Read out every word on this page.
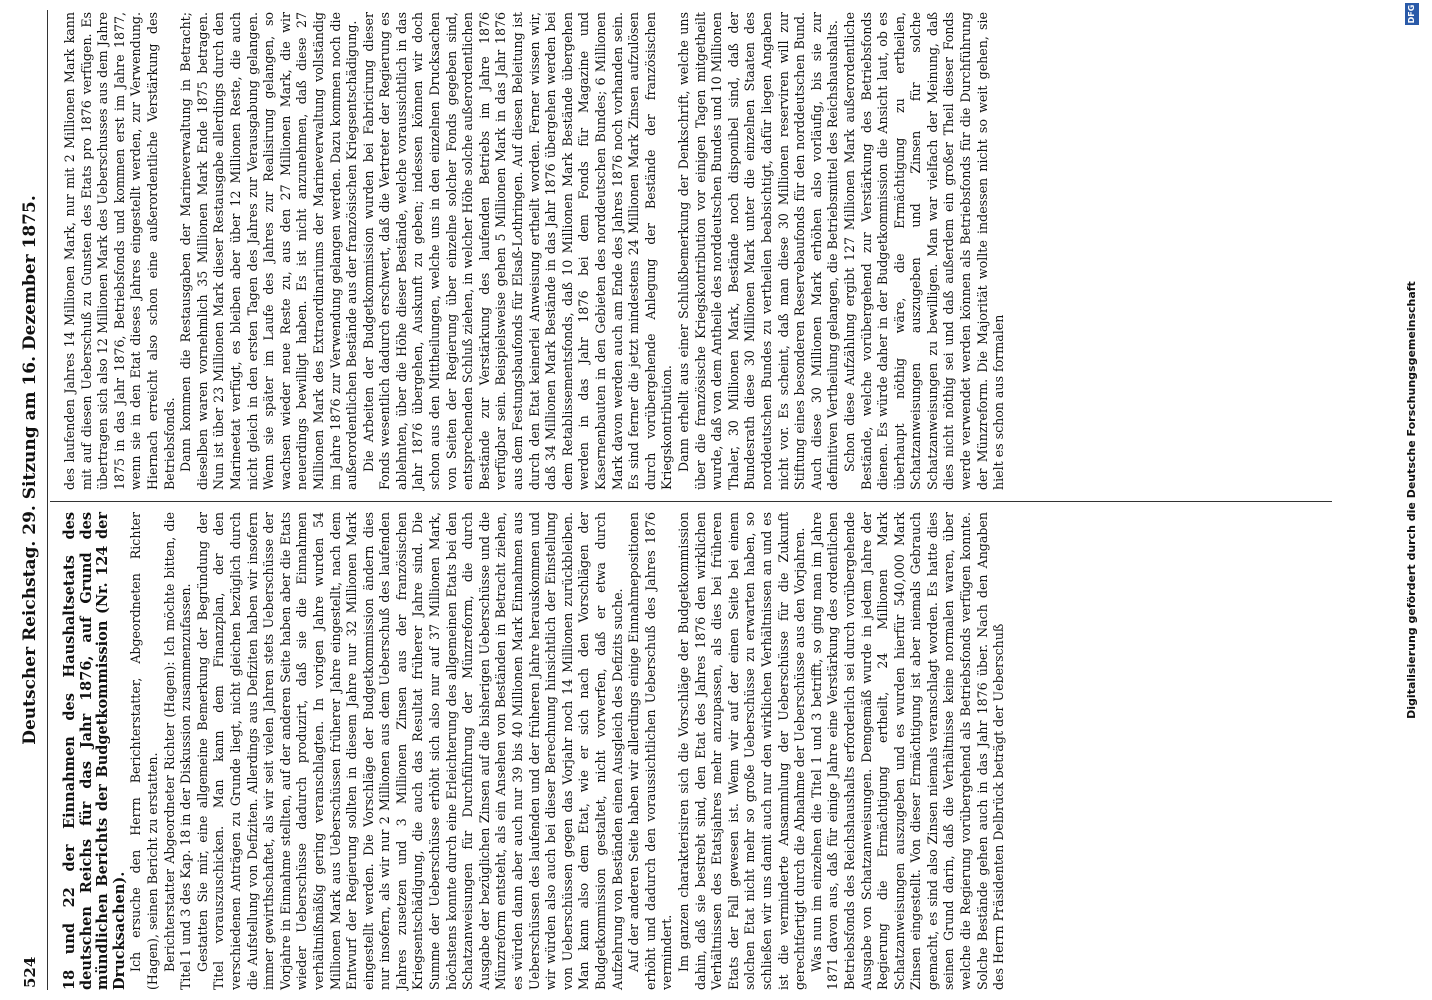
524
Deutscher Reichstag. 29. Sitzung am 16. Dezember 1875.

18 und 22 der Einnahmen des Haushaltsetats des deutschen Reichs für das Jahr 1876, auf Grund des mündlichen Berichts der Budgetkommission (Nr. 124 der Drucksachen). Ich ersuche den Herrn Berichterstatter, Abgeordneten Richter (Hagen), seinen Bericht zu erstatten. Berichterstatter Abgeordneter Richter (Hagen): Ich möchte bitten, die Titel 1 und 3 des Kap. 18 in der Diskussion zusammenzufassen. Gestatten Sie mir, eine allgemeine Bemerkung der Begründung der Titel vorauszuschicken. Man kann dem Finanzplan, der den verschiedenen Anträgen zu Grunde liegt, nicht gleichen bezüglich durch die Aufstellung von Defiziten. Allerdings aus Defiziten haben wir insofern immer gewirthschaftet, als wir seit vielen Jahren stets Ueberschüsse der Vorjahre in Einnahme stellten, auf der anderen Seite haben aber die Etats wieder Ueberschüsse dadurch produzirt, daß sie die Einnahmen verhältnißmäßig gering veranschlagten. In vorigen Jahre wurden 54 Millionen Mark aus Ueberschüssen früherer Jahre eingestellt, nach dem Entwurf der Regierung sollten in diesem Jahre nur 32 Millionen Mark eingestellt werden. Die Vorschläge der Budgetkommission ändern dies nur insofern, als wir nur 2 Millionen aus dem Ueberschuß des laufenden Jahres zusetzen und 3 Millionen Zinsen aus der französischen Kriegsentschädigung, die auch das Resultat früherer Jahre sind. Die Summe der Ueberschüsse erhöht sich also nur auf 37 Millionen Mark, höchstens konnte durch eine Erleichterung des allgemeinen Etats bei den Schatzanweisungen für Durchführung der Münzreform, die durch Ausgabe der bezüglichen Zinsen auf die bisherigen Ueberschüsse und die Münzreform entsteht, als ein Ansehen von Beständen in Betracht ziehen, es würden dann aber auch nur 39 bis 40 Millionen Mark Einnahmen aus Ueberschüssen des laufenden und der früheren Jahre herauskommen und wir würden also auch bei dieser Berechnung hinsichtlich der Einstellung von Ueberschüssen gegen das Vorjahr noch 14 Millionen zurückbleiben. Man kann also dem Etat, wie er sich nach den Vorschlägen der Budgetkommission gestaltet, nicht vorwerfen, daß er etwa durch Aufzehrung von Beständen einen Ausgleich des Defizits suche. Auf der anderen Seite haben wir allerdings einige Einnahmepositionen erhöht und dadurch den voraussichtlichen Ueberschuß des Jahres 1876 vermindert. Im ganzen charakterisiren sich die Vorschläge der Budgetkommission dahin, daß sie bestrebt sind, den Etat des Jahres 1876 den wirklichen Verhältnissen des Etatsjahres mehr anzupassen, als dies bei früheren Etats der Fall gewesen ist. Wenn wir auf der einen Seite bei einem solchen Etat nicht mehr so große Ueberschüsse zu erwarten haben, so schließen wir uns damit auch nur den wirklichen Verhältnissen an und es ist die verminderte Ansammlung der Ueberschüsse für die Zukunft gerechtfertigt durch die Abnahme der Ueberschüsse aus den Vorjahren. Was nun im einzelnen die Titel 1 und 3 betrifft, so ging man im Jahre 1871 davon aus, daß für einige Jahre eine Verstärkung des ordentlichen Betriebsfonds des Reichshaushalts erforderlich sei durch vorübergehende Ausgabe von Schatzanweisungen. Demgemäß wurde in jedem Jahre der Regierung die Ermächtigung ertheilt, 24 Millionen Mark Schatzanweisungen auszugeben und es wurden hierfür 540,000 Mark Zinsen eingestellt. Von dieser Ermächtigung ist aber niemals Gebrauch gemacht, es sind also Zinsen niemals veranschlagt worden. Es hatte dies seinen Grund darin, daß die Verhältnisse keine normalen waren, über welche die Regierung vorübergehend als Betriebsfonds verfügen konnte. Solche Bestände gehen auch in das Jahr 1876 über. Nach den Angaben des Herrn Präsidenten Delbrück beträgt der Ueberschuß

des laufenden Jahres 14 Millionen Mark, nur mit 2 Millionen Mark kann mit auf diesen Ueberschuß zu Gunsten des Etats pro 1876 verfügen. Es übertragen sich also 12 Millionen Mark des Ueberschusses aus dem Jahre 1875 in das Jahr 1876, Betriebsfonds und kommen erst im Jahre 1877, wenn sie in den Etat dieses Jahres eingestellt werden, zur Verwendung. Hiernach erreicht also schon eine außerordentliche Verstärkung des Betriebsfonds. Dann kommen die Restausgaben der Marineverwaltung in Betracht; dieselben waren vornehmlich 35 Millionen Mark Ende 1875 betragen. Nun ist über 23 Millionen Mark dieser Restausgabe allerdings durch den Marineetat verfügt, es bleiben aber über 12 Millionen Reste, die auch nicht gleich in den ersten Tagen des Jahres zur Verausgabung gelangen. Wenn sie später im Laufe des Jahres zur Realisirung gelangen, so wachsen wieder neue Reste zu, aus den 27 Millionen Mark, die wir neuerdings bewilligt haben. Es ist nicht anzunehmen, daß diese 27 Millionen Mark des Extraordinariums der Marineverwaltung vollständig im Jahre 1876 zur Verwendung gelangen werden. Dazu kommen noch die außerordentlichen Bestände aus der französischen Kriegsentschädigung. Die Arbeiten der Budgetkommission wurden bei Fabricirung dieser Fonds wesentlich dadurch erschwert, daß die Vertreter der Regierung es ablehnten, über die Höhe dieser Bestände, welche voraussichtlich in das Jahr 1876 übergehen, Auskunft zu geben; indessen können wir doch schon aus den Mittheilungen, welche uns in den einzelnen Drucksachen von Seiten der Regierung über einzelne solcher Fonds gegeben sind, entsprechenden Schluß ziehen, in welcher Höhe solche außerordentlichen Bestände zur Verstärkung des laufenden Betriebs im Jahre 1876 verfügbar sein. Beispielsweise gehen 5 Millionen Mark in das Jahr 1876 aus dem Festungsbaufonds für Elsaß-Lothringen. Auf diesen Beleitung ist durch den Etat keinerlei Anweisung ertheilt worden. Ferner wissen wir, daß 34 Millionen Mark Bestände in das Jahr 1876 übergehen werden bei dem Retablissementsfonds, daß 10 Millionen Mark Bestände übergehen werden in das Jahr 1876 bei dem Fonds für Magazine und Kasernenbauten in den Gebieten des norddeutschen Bundes; 6 Millionen Mark davon werden auch am Ende des Jahres 1876 noch vorhanden sein. Es sind ferner die jetzt mindestens 24 Millionen Mark Zinsen aufzulösen durch vorübergehende Anlegung der Bestände der französischen Kriegskontribution. Dann erhellt aus einer Schlußbemerkung der Denkschrift, welche uns über die französische Kriegskontribution vor einigen Tagen mitgetheilt wurde, daß von dem Antheile des norddeutschen Bundes und 10 Millionen Thaler, 30 Millionen Mark, Bestände noch disponibel sind, daß der Bundesrath diese 30 Millionen Mark unter die einzelnen Staaten des norddeutschen Bundes zu vertheilen beabsichtigt, dafür liegen Angaben nicht vor. Es scheint, daß man diese 30 Millionen reserviren will zur Stiftung eines besonderen Reservebaufonds für den norddeutschen Bund. Auch diese 30 Millionen Mark erhöhen also vorläufig, bis sie zur definitiven Vertheilung gelangen, die Betriebsmittel des Reichshaushalts. Schon diese Aufzählung ergibt 127 Millionen Mark außerordentliche Bestände, welche vorübergehend zur Verstärkung des Betriebsfonds dienen. Es würde daher in der Budgetkommission die Ansicht laut, ob es überhaupt nöthig wäre, die Ermächtigung zu ertheilen, Schatzanweisungen auszugeben und Zinsen für solche Schatzanweisungen zu bewilligen. Man war vielfach der Meinung, daß dies nicht nöthig sei und daß außerdem ein großer Theil dieser Fonds werde verwendet werden können als Betriebsfonds für die Durchführung der Münzreform. Die Majorität wollte indessen nicht so weit gehen, sie hielt es schon aus formalen	Digitalisierung gefördert durch die Deutsche Forschungsgemeinschaft
DFG
